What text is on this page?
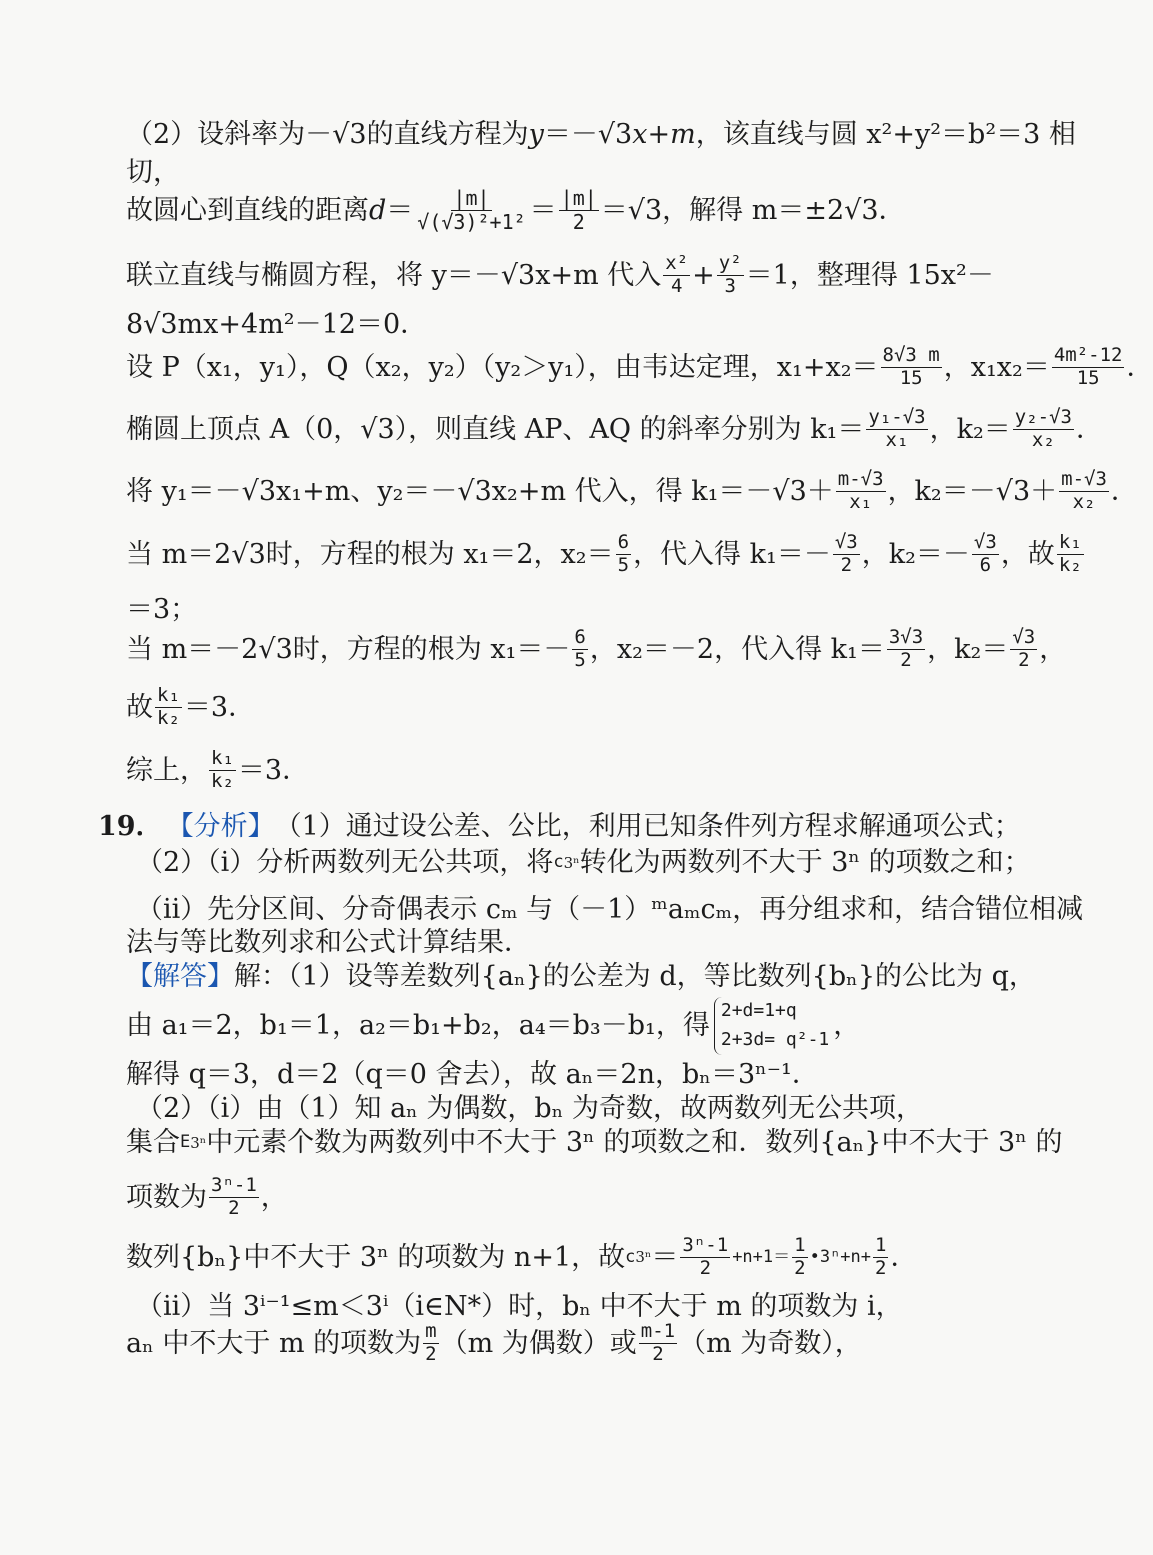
（2）设斜率为－ √3 的直线方程为 y ＝－√3 x +m ，该直线与圆 x²+y²＝b²＝3 相
切，
故圆心到直线的距离 $d = \frac{|m|}{\text{√(√3)²+1²}} = \frac{|m|}{2} =√3$，解得 m＝±2√3．
联立直线与椭圆方程，将 y＝－√3x+m 代入 $\frac{\text{x²}}{4} + \frac{\text{y²}}{3} =1$，整理得 15x²－
8√3mx+4m²－12＝0．
设 P（x₁，y₁），Q（x₂，y₂）（y₂＞y₁），由韦达定理，$x_1+x_2= \frac{8√3 m}{15}$ ，$x_1x_2= \frac{\text{4m²-12}}{15}$ ．
椭圆上顶点 A（0，√3），则直线 AP、AQ 的斜率分别为 $k_1= \frac{\text{y₁-√3}}{\text{x₁}}$ ，$k_2= \frac{\text{y₂-√3}}{\text{x₂}}$ ．
将 y₁＝－√3x₁+m、y₂＝－√3x₂+m 代入，得 $k_1=-√3+ \frac{m-√3}{\text{x₁}}$ ，$k_2=-√3+ \frac{m-√3}{\text{x₂}}$ ．
当 m＝2√3时，方程的根为 x₁＝2，$x_2= \frac{6}{5}$ ，代入得 $k_1=- \frac{√3}{2}$ ，$k_2=- \frac{√3}{6}$ ，故 $\frac{\text{k₁}}{\text{k₂}}$
＝3；
当 m＝－2√3时，方程的根为 $x_1=- \frac{6}{5}$ ，x₂＝－2，代入得 $k_1= \frac{3√3}{2}$ ，$k_2= \frac{√3}{2}$ ，
故 $\frac{\text{k₁}}{\text{k₂}} =3$．
综上， $\frac{\text{k₁}}{\text{k₂}} =3$．
19． 【分析】 （1）通过设公差、公比，利用已知条件列方程求解通项公式；
（2）（i）分析两数列无公共项，将 c 3ⁿ 转化为两数列不大于 3ⁿ 的项数之和；
（ii）先分区间、分奇偶表示 cₘ 与（－1）ᵐaₘcₘ，再分组求和，结合错位相减
法与等比数列求和公式计算结果．
【解答】 解：（1）设等差数列{aₙ}的公差为 d，等比数列{bₙ}的公比为 q，
由 a₁＝2，b₁＝1，a₂＝b₁+b₂，a₄＝b₃－b₁，得 2+d=1+q
2+3d= q²-1 ，
解得 q＝3，d＝2（q＝0 舍去），故 aₙ＝2n，bₙ＝3ⁿ⁻¹．
（2）（i）由（1）知 aₙ 为偶数，bₙ 为奇数，故两数列无公共项，
集合 E 3ⁿ 中元素个数为两数列中不大于 3ⁿ 的项数之和．数列{aₙ}中不大于 3ⁿ 的
项数为 $\frac{\text{3ⁿ-1}}{2}$ ，
数列{bₙ}中不大于 3ⁿ 的项数为 n+1，故 c $3^n = \frac{\text{3ⁿ-1}}{2} +n+1= \frac{1}{2}$ •3ⁿ+n+ $\frac{1}{2}$ ．
（ii）当 3ⁱ⁻¹≤m＜3ⁱ（i∈N*）时，bₙ 中不大于 m 的项数为 i，
aₙ 中不大于 m 的项数为 $\frac{m}{2} (m$ 为偶数）或 $\frac{m-1}{2} (m$ 为奇数），
